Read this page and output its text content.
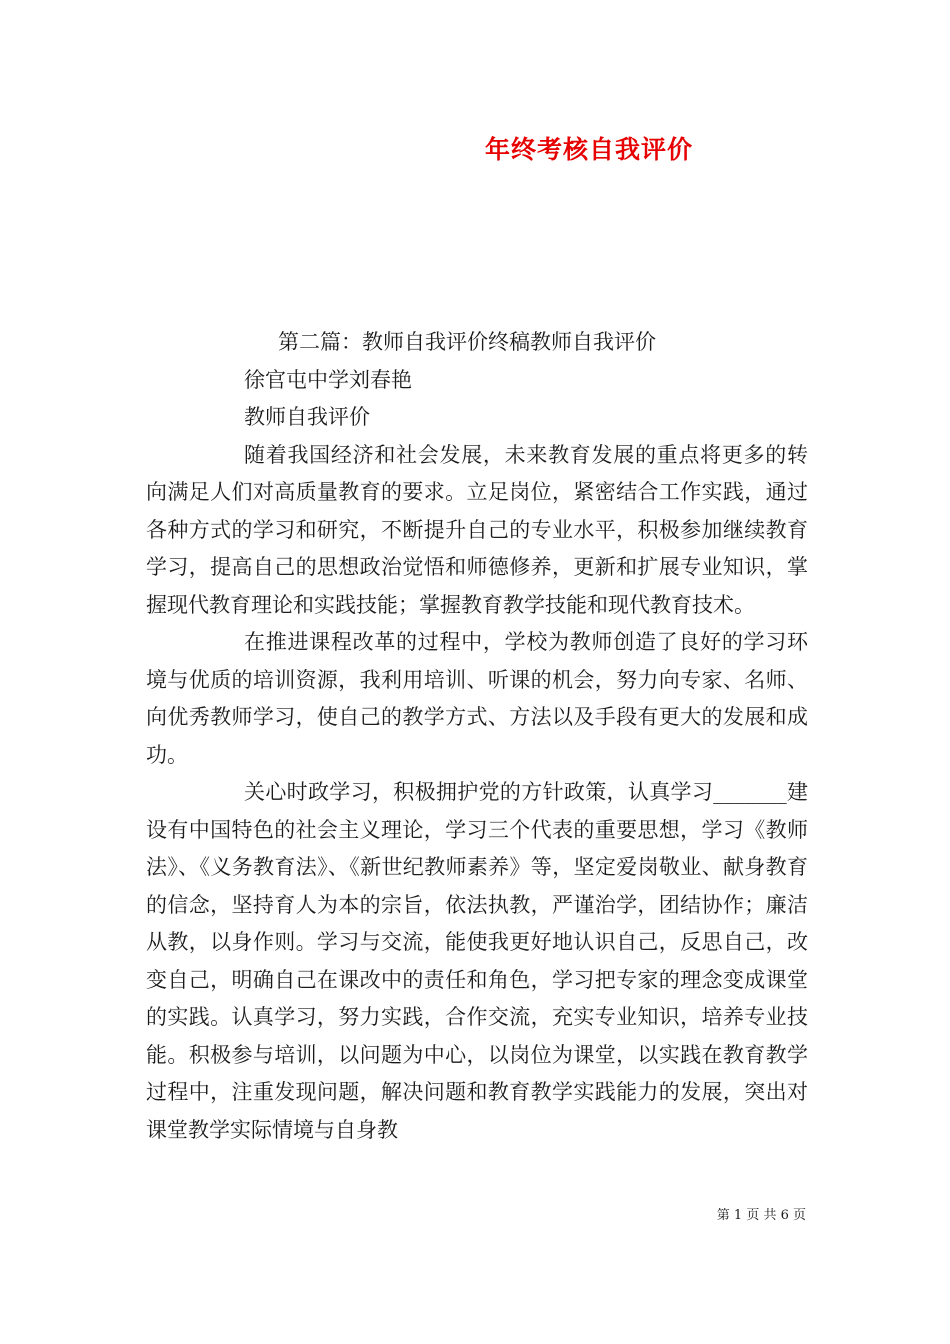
年终考核自我评价
第二篇：教师自我评价终稿教师自我评价
徐官屯中学刘春艳
教师自我评价

随着我国经济和社会发展，未来教育发展的重点将更多的转向满足人们对高质量教育的要求。立足岗位，紧密结合工作实践，通过各种方式的学习和研究，不断提升自己的专业水平，积极参加继续教育学习，提高自己的思想政治觉悟和师德修养，更新和扩展专业知识，掌握现代教育理论和实践技能；掌握教育教学技能和现代教育技术。

在推进课程改革的过程中，学校为教师创造了良好的学习环境与优质的培训资源，我利用培训、听课的机会，努力向专家、名师、向优秀教师学习，使自己的教学方式、方法以及手段有更大的发展和成功。

关心时政学习，积极拥护党的方针政策，认真学习_______建设有中国特色的社会主义理论，学习三个代表的重要思想，学习《教师法》、《义务教育法》、《新世纪教师素养》等，坚定爱岗敬业、献身教育的信念，坚持育人为本的宗旨，依法执教，严谨治学，团结协作；廉洁从教，以身作则。学习与交流，能使我更好地认识自己，反思自己，改变自己，明确自己在课改中的责任和角色，学习把专家的理念变成课堂的实践。认真学习，努力实践，合作交流，充实专业知识，培养专业技能。积极参与培训，以问题为中心，以岗位为课堂，以实践在教育教学过程中，注重发现问题，解决问题和教育教学实践能力的发展，突出对课堂教学实际情境与自身教

第 1 页 共 6 页
